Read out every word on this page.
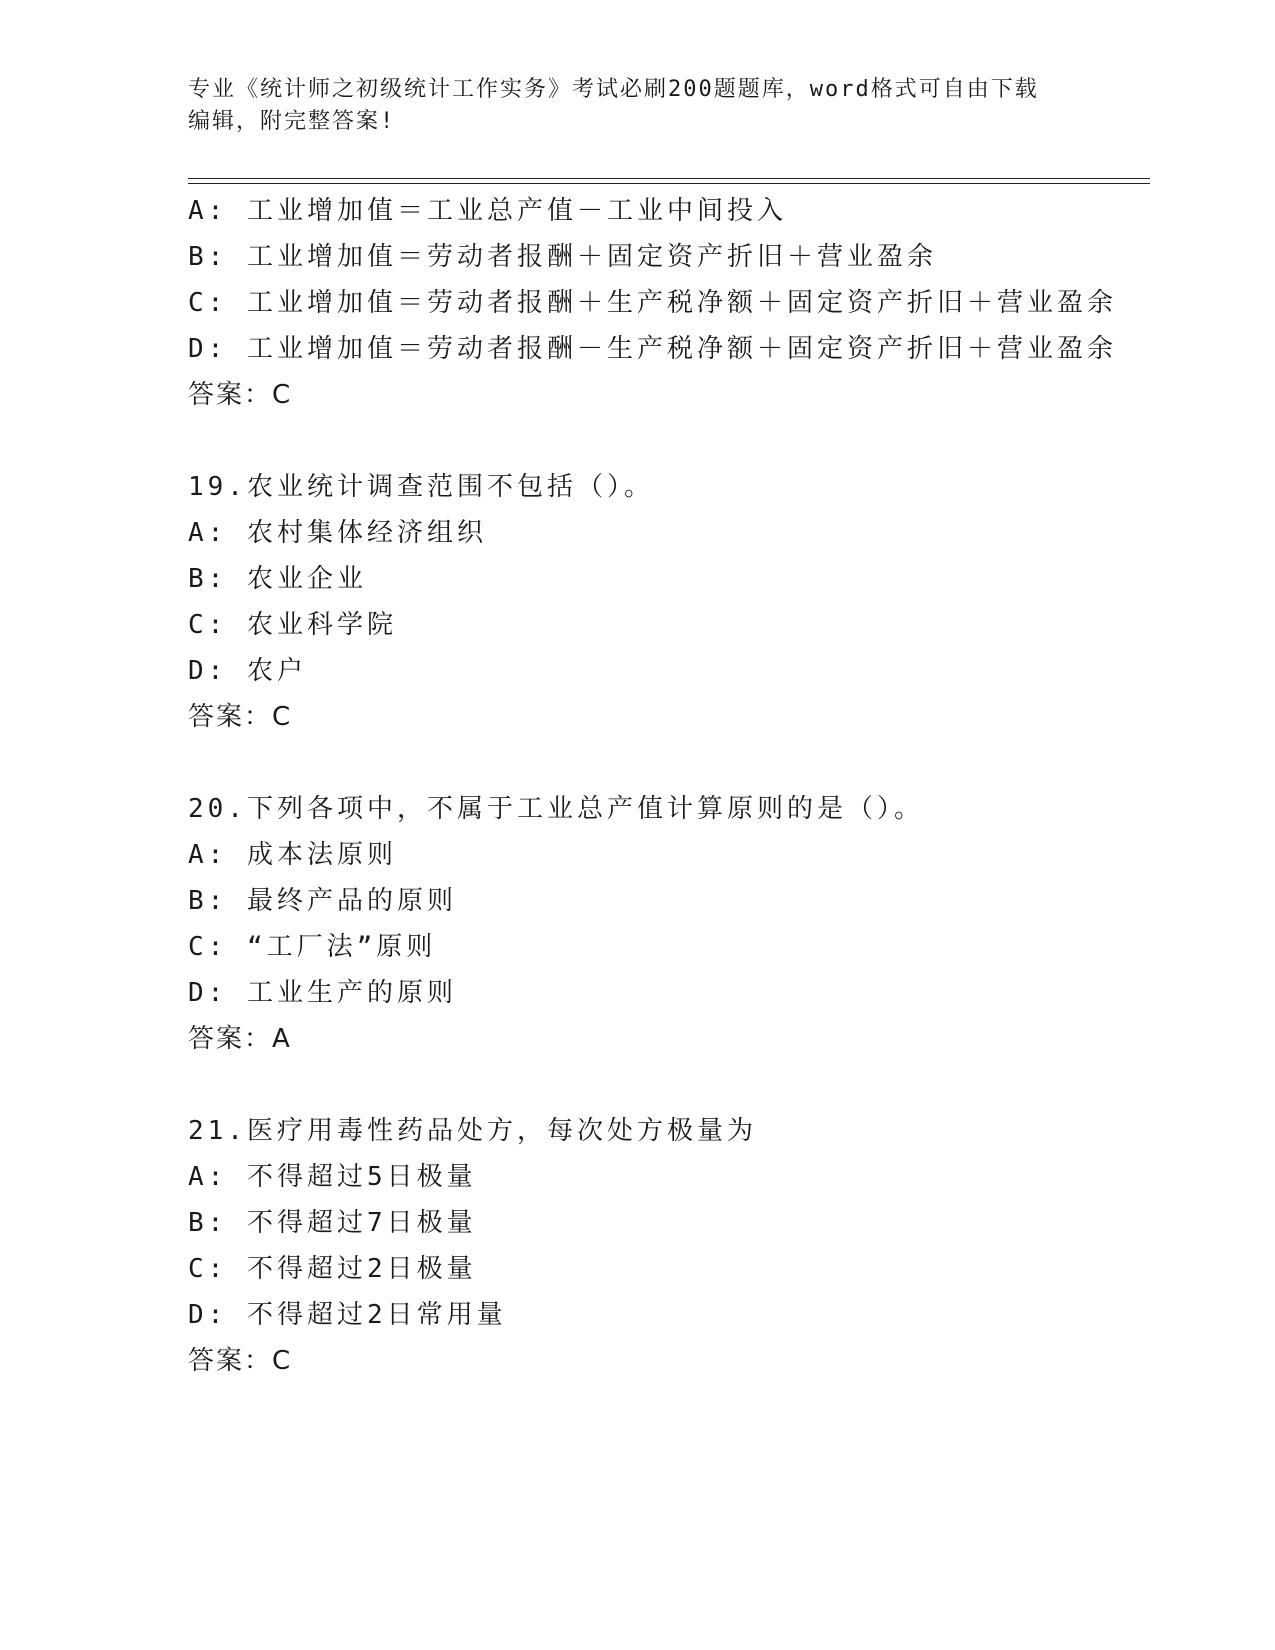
专业《统计师之初级统计工作实务》考试必刷200题题库，word格式可自由下载
编辑，附完整答案!
A: 工业增加值＝工业总产值－工业中间投入
B: 工业增加值＝劳动者报酬＋固定资产折旧＋营业盈余
C: 工业增加值＝劳动者报酬＋生产税净额＋固定资产折旧＋营业盈余
D: 工业增加值＝劳动者报酬－生产税净额＋固定资产折旧＋营业盈余
答案：C
19.农业统计调查范围不包括（）。
A: 农村集体经济组织
B: 农业企业
C: 农业科学院
D: 农户
答案：C
20.下列各项中，不属于工业总产值计算原则的是（）。
A: 成本法原则
B: 最终产品的原则
C: “工厂法”原则
D: 工业生产的原则
答案：A
21.医疗用毒性药品处方，每次处方极量为
A: 不得超过5日极量
B: 不得超过7日极量
C: 不得超过2日极量
D: 不得超过2日常用量
答案：C
